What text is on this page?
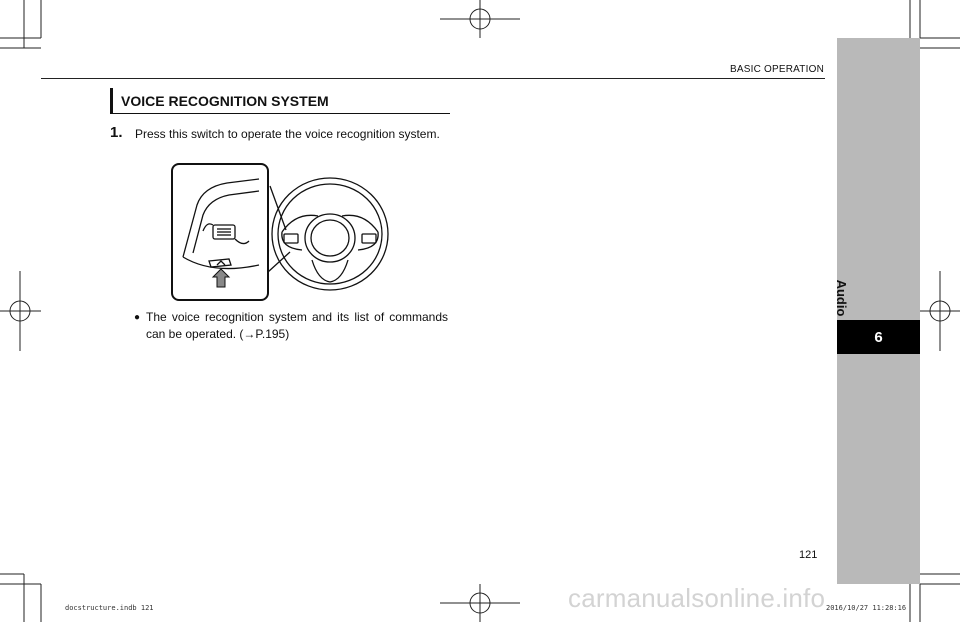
BASIC OPERATION
Audio
6
VOICE RECOGNITION SYSTEM
1. Press this switch to operate the voice recognition system.
● The voice recognition system and its list of commands can be operated. (→P.195)
121
docstructure.indb 121	carmanualsonline.info 2016/10/27 11:28:16
